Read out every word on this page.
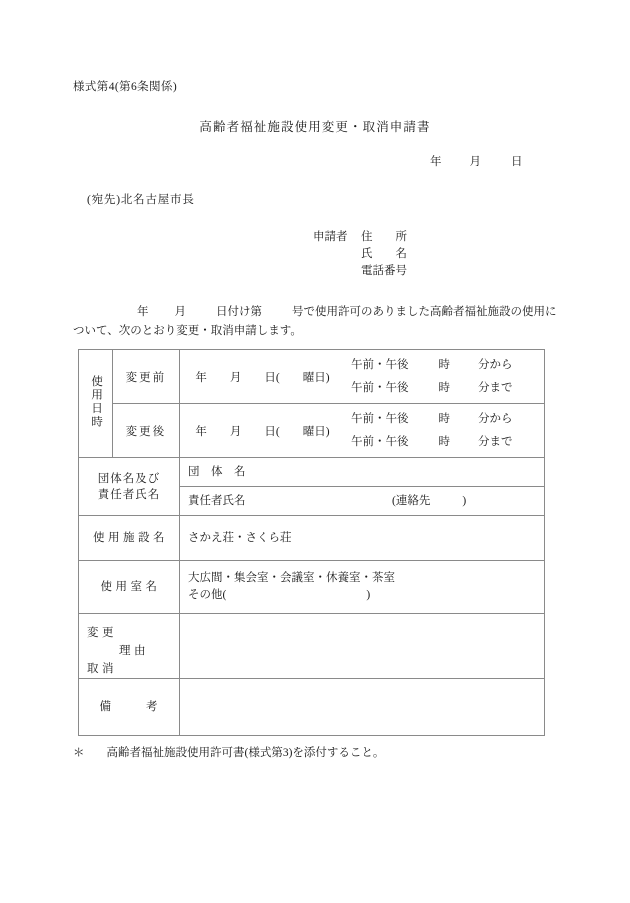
様式第4(第6条関係)
高齢者福祉施設使用変更・取消申請書
年 月	日
(宛先)北名古屋市長
申請者 住　　所
氏　　名
電話番号
年 月	日付け第	号で使用許可のありました高齢者福祉施設の使用に
ついて、次のとおり変更・取消申請します。
使用日時	変更前	年 月 日( 曜日)
午前・午後 時 分から
午前・午後 時 分まで

	変更後	年 月 日( 曜日)
午前・午後 時 分から
午前・午後 時 分まで

団体名及び
責任者氏名		団　体　名

		責任者氏名 (連絡先 )

使用施設名		さかえ荘・さくら荘

使用室名		大広間・集会室・会議室・休養室・茶室
その他( )

変更
理由
取消		

備 考		
＊ 高齢者福祉施設使用許可書(様式第3)を添付すること。
